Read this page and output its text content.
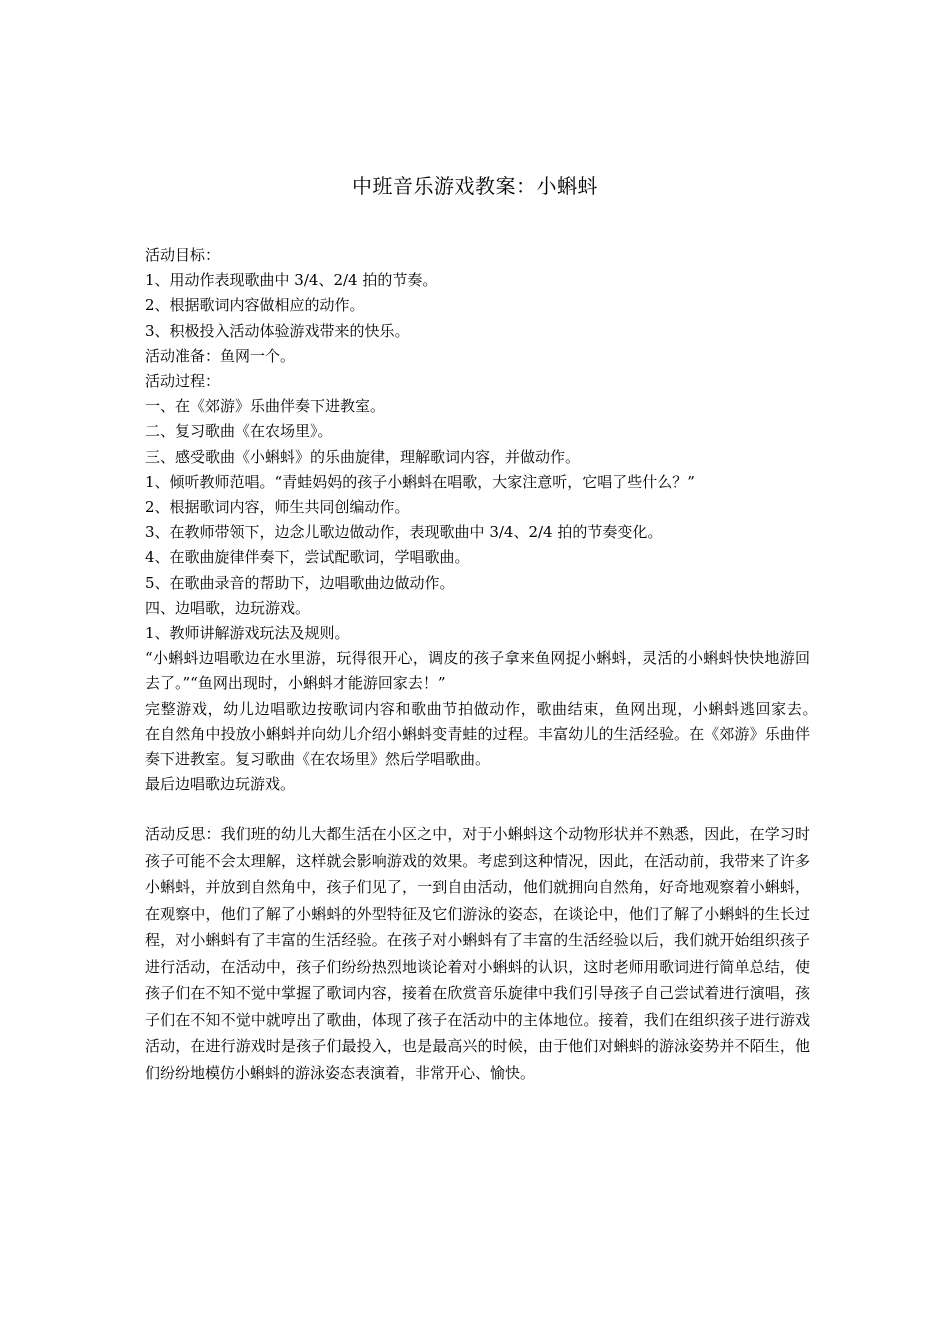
中班音乐游戏教案：小蝌蚪

活动目标：

1、用动作表现歌曲中 3/4、2/4 拍的节奏。

2、根据歌词内容做相应的动作。

3、积极投入活动体验游戏带来的快乐。

活动准备：鱼网一个。

活动过程：

一、在《郊游》乐曲伴奏下进教室。

二、复习歌曲《在农场里》。

三、感受歌曲《小蝌蚪》的乐曲旋律，理解歌词内容，并做动作。

1、倾听教师范唱。“青蛙妈妈的孩子小蝌蚪在唱歌，大家注意听，它唱了些什么？”

2、根据歌词内容，师生共同创编动作。

3、在教师带领下，边念儿歌边做动作，表现歌曲中 3/4、2/4 拍的节奏变化。

4、在歌曲旋律伴奏下，尝试配歌词，学唱歌曲。

5、在歌曲录音的帮助下，边唱歌曲边做动作。

四、边唱歌，边玩游戏。

1、教师讲解游戏玩法及规则。

“小蝌蚪边唱歌边在水里游，玩得很开心，调皮的孩子拿来鱼网捉小蝌蚪，灵活的小蝌蚪快快地游回去了。”“鱼网出现时，小蝌蚪才能游回家去！”

完整游戏，幼儿边唱歌边按歌词内容和歌曲节拍做动作，歌曲结束，鱼网出现，小蝌蚪逃回家去。　　在自然角中投放小蝌蚪并向幼儿介绍小蝌蚪变青蛙的过程。丰富幼儿的生活经验。在《郊游》乐曲伴奏下进教室。复习歌曲《在农场里》然后学唱歌曲。

最后边唱歌边玩游戏。

活动反思：我们班的幼儿大都生活在小区之中，对于小蝌蚪这个动物形状并不熟悉，因此，在学习时孩子可能不会太理解，这样就会影响游戏的效果。考虑到这种情况，因此，在活动前，我带来了许多小蝌蚪，并放到自然角中，孩子们见了，一到自由活动，他们就拥向自然角，好奇地观察着小蝌蚪，在观察中，他们了解了小蝌蚪的外型特征及它们游泳的姿态，在谈论中，他们了解了小蝌蚪的生长过程，对小蝌蚪有了丰富的生活经验。在孩子对小蝌蚪有了丰富的生活经验以后，我们就开始组织孩子进行活动，在活动中，孩子们纷纷热烈地谈论着对小蝌蚪的认识，这时老师用歌词进行简单总结，使孩子们在不知不觉中掌握了歌词内容，接着在欣赏音乐旋律中我们引导孩子自己尝试着进行演唱，孩子们在不知不觉中就哼出了歌曲，体现了孩子在活动中的主体地位。接着，我们在组织孩子进行游戏活动，在进行游戏时是孩子们最投入，也是最高兴的时候，由于他们对蝌蚪的游泳姿势并不陌生，他们纷纷地模仿小蝌蚪的游泳姿态表演着，非常开心、愉快。
